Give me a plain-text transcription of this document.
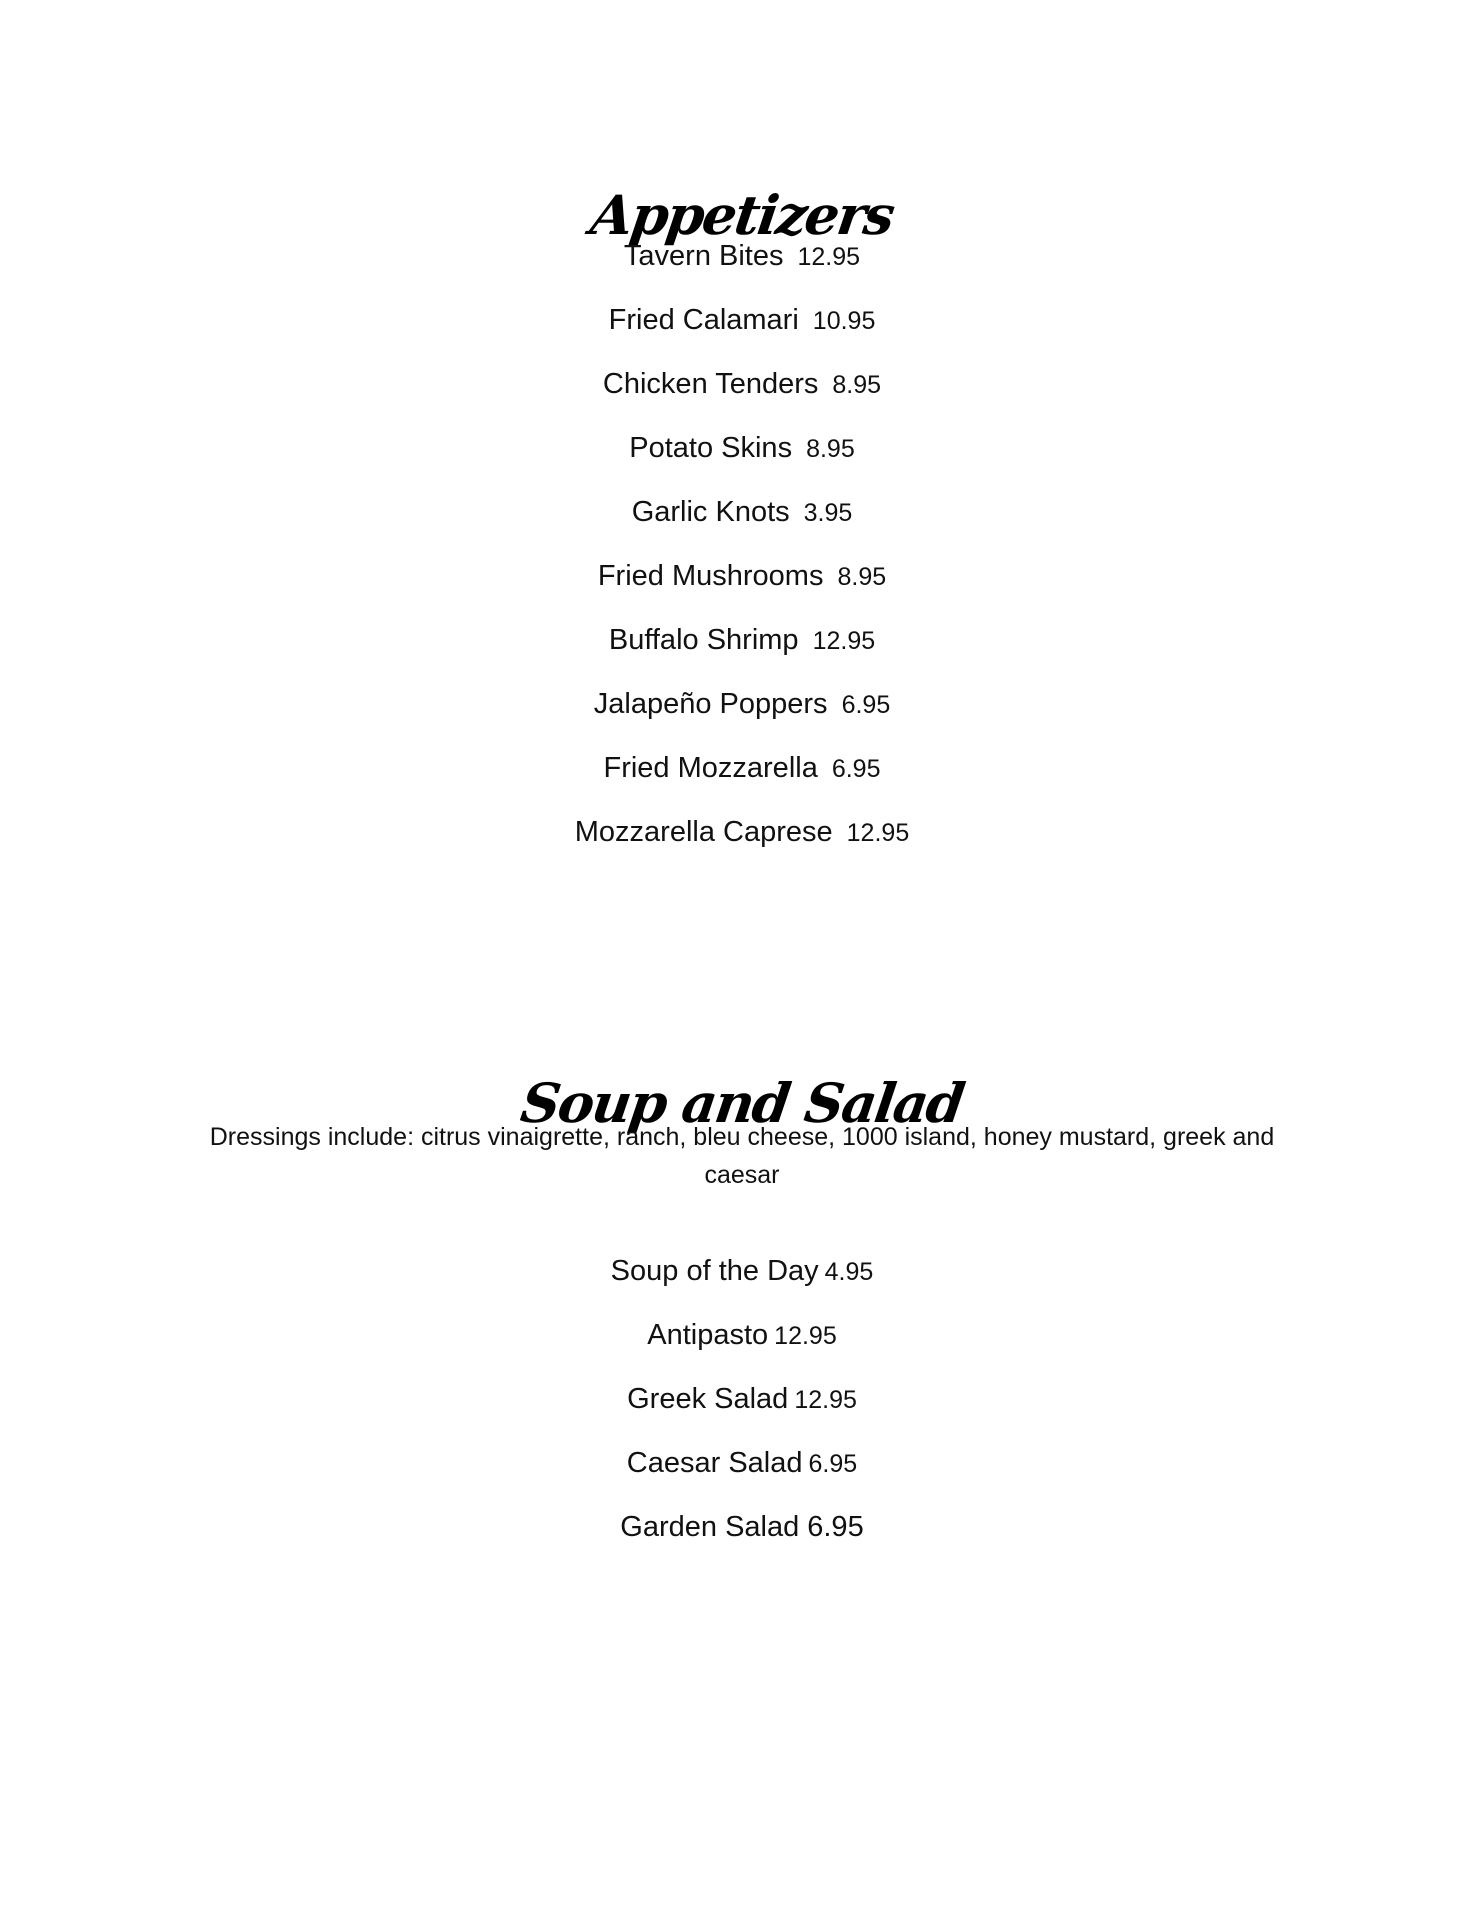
Appetizers
Tavern Bites 12.95
Fried Calamari 10.95
Chicken Tenders 8.95
Potato Skins 8.95
Garlic Knots 3.95
Fried Mushrooms 8.95
Buffalo Shrimp 12.95
Jalapeño Poppers 6.95
Fried Mozzarella 6.95
Mozzarella Caprese 12.95
Soup and Salad

Dressings include: citrus vinaigrette, ranch, bleu cheese, 1000 island, honey mustard, greek and caesar

Soup of the Day 4.95
Antipasto 12.95
Greek Salad 12.95
Caesar Salad 6.95
Garden Salad 6.95
